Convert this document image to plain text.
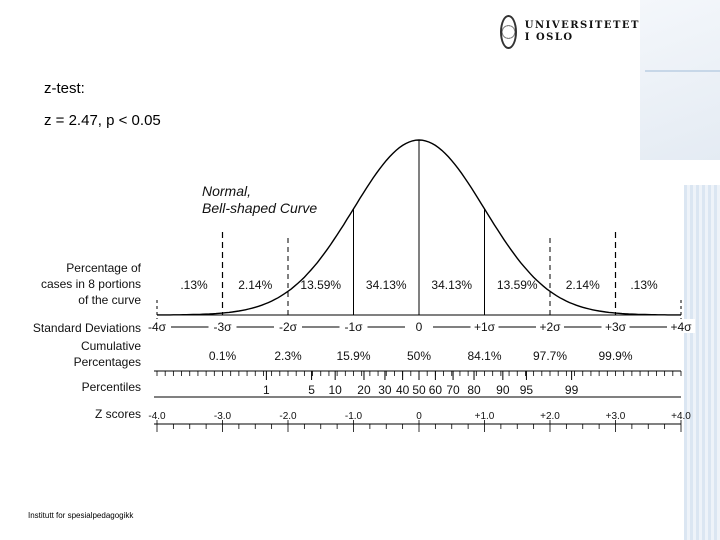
UNIVERSITETET
I OSLO
z-test:
z = 2.47, p < 0.05
Normal,
Bell-shaped Curve
Percentage of
cases in 8 portions
of the curve
Standard Deviations
Cumulative
Percentages
Percentiles
Z scores
.13%	2.14% 13.59% 34.13% 34.13% 13.59% 2.14%	.13%
-4σ	-3σ	-2σ	-1σ	0	+1σ	+2σ	+3σ	+4σ
0.1%	2.3%	15.9%	50%	84.1%	97.7%	99.9%
1	5 10 20 30 40 50 60 70 80 90 95	99
-4.0	-3.0	-2.0	-1.0	0	+1.0	+2.0	+3.0	+4.0
Institutt for spesialpedagogikk
